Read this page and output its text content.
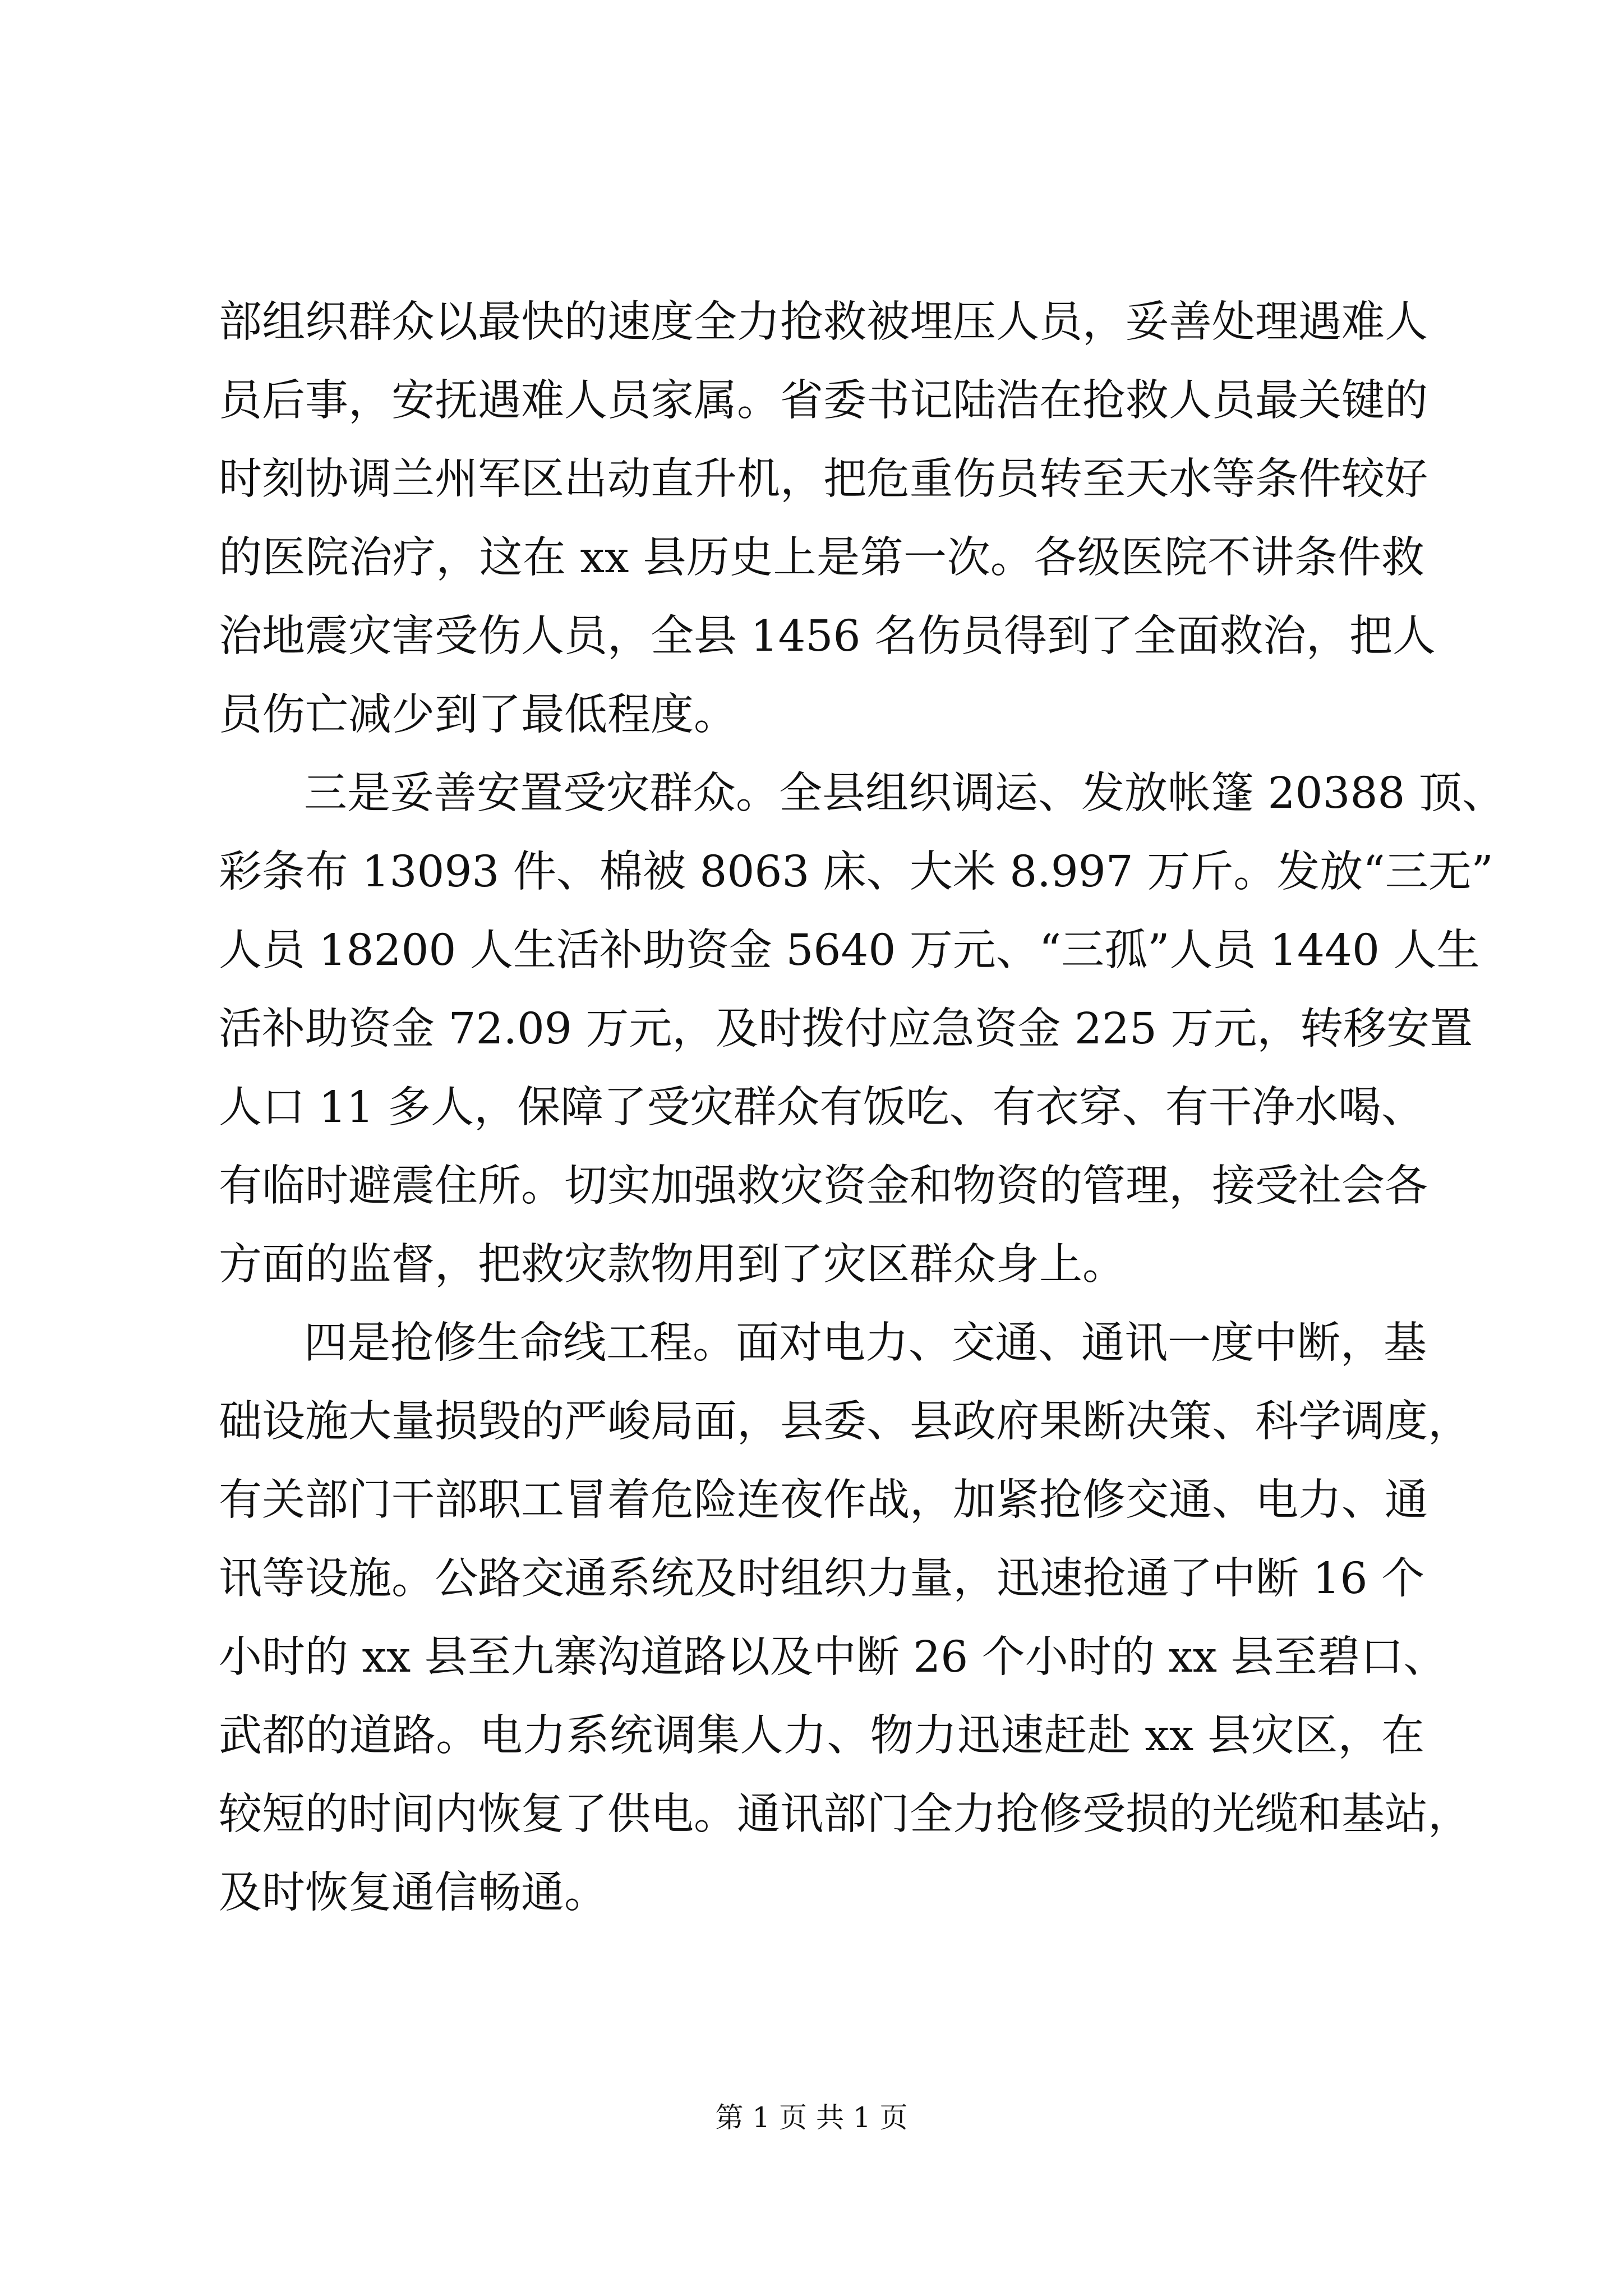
部组织群众以最快的速度全力抢救被埋压人员，妥善处理遇难人
员后事，安抚遇难人员家属。省委书记陆浩在抢救人员最关键的
时刻协调兰州军区出动直升机，把危重伤员转至天水等条件较好
的医院治疗，这在 xx 县历史上是第一次。各级医院不讲条件救
治地震灾害受伤人员，全县 1456 名伤员得到了全面救治，把人
员伤亡减少到了最低程度。
三是妥善安置受灾群众。全县组织调运、发放帐篷 20388 顶、
彩条布 13093 件、棉被 8063 床、大米 8.997 万斤。发放“三无”
人员 18200 人生活补助资金 5640 万元、“三孤”人员 1440 人生
活补助资金 72.09 万元，及时拨付应急资金 225 万元，转移安置
人口 11 多人，保障了受灾群众有饭吃、有衣穿、有干净水喝、
有临时避震住所。切实加强救灾资金和物资的管理，接受社会各
方面的监督，把救灾款物用到了灾区群众身上。
四是抢修生命线工程。面对电力、交通、通讯一度中断，基
础设施大量损毁的严峻局面，县委、县政府果断决策、科学调度，
有关部门干部职工冒着危险连夜作战，加紧抢修交通、电力、通
讯等设施。公路交通系统及时组织力量，迅速抢通了中断 16 个
小时的 xx 县至九寨沟道路以及中断 26 个小时的 xx 县至碧口、
武都的道路。电力系统调集人力、物力迅速赶赴 xx 县灾区，在
较短的时间内恢复了供电。通讯部门全力抢修受损的光缆和基站，
及时恢复通信畅通。
第 1 页 共 1 页
